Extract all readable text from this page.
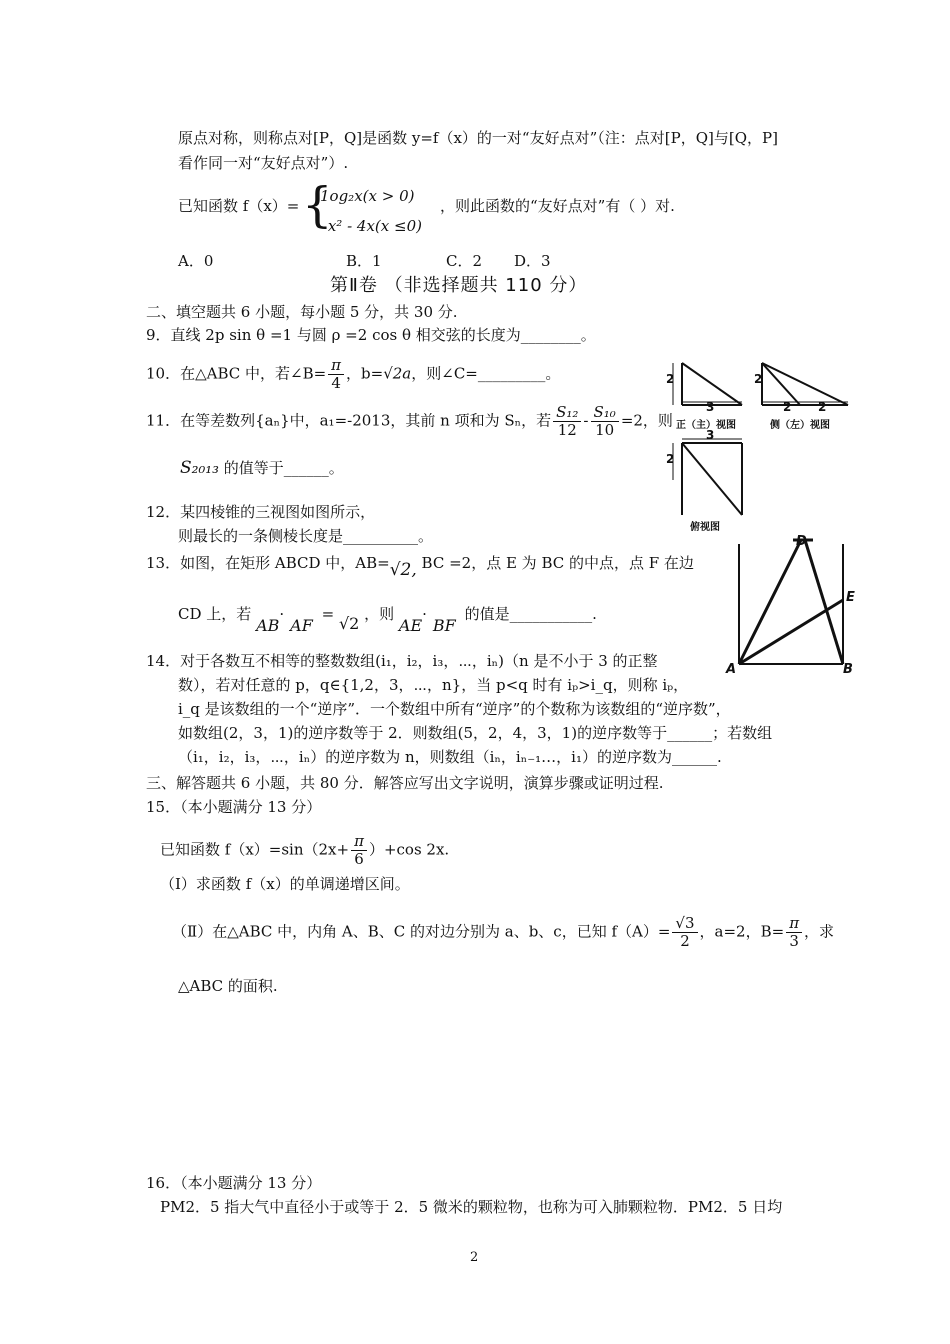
原点对称，则称点对[P，Q]是函数 y=f（x）的一对“友好点对”（注：点对[P，Q]与[Q，P]
看作同一对“友好点对”）.
已知函数 f（x）= {
1og₂x(x > 0)
- x² - 4x(x ≤0)
，则此函数的“友好点对”有（ ）对.
A．0	B．1	C．2 D．3
第Ⅱ卷 （非选择题共 110 分）
二、填空题共 6 小题，每小题 5 分，共 30 分.
9．直线 2p sin θ =1 与圆 ρ =2 cos θ 相交弦的长度为________。
10．在△ABC 中，若∠B= $\frac{\pi}{4}$ ，b=√2a，则∠C=_________。
11．在等差数列{aₙ}中，a₁=-2013，其前 n 项和为 Sₙ，若 $\frac{\text{S₁₂}}{12} - \frac{\text{S₁₀}}{10} =2$，则
S₂₀₁₃ 的值等于______。
12．某四棱锥的三视图如图所示，
则最长的一条侧棱长度是__________。
13．如图，在矩形 ABCD 中，AB=√2, BC =2，点 E 为 BC 的中点，点 F 在边
CD 上，若 AB·AF = √2 ，则 AE·BF 的值是___________.
14．对于各数互不相等的整数数组(i₁，i₂，i₃，⋯，iₙ)（n 是不小于 3 的正整
数），若对任意的 p，q∈{1,2，3，⋯，n}，当 p<q 时有 iₚ>i_q，则称 iₚ，
i_q 是该数组的一个“逆序”．一个数组中所有“逆序”的个数称为该数组的“逆序数”，
如数组(2，3，1)的逆序数等于 2．则数组(5，2，4，3，1)的逆序数等于______；若数组
（i₁，i₂，i₃，⋯，iₙ）的逆序数为 n，则数组（iₙ，iₙ₋₁…，i₁）的逆序数为______.
三、解答题共 6 小题，共 80 分．解答应写出文字说明，演算步骤或证明过程.
15．（本小题满分 13 分）
已知函数 $f(x)=\sin(2x+ \frac{\pi}{6} )+\cos$ 2x.
（Ⅰ）求函数 f（x）的单调递增区间。
（Ⅱ）在△ABC 中，内角 A、B、C 的对边分别为 a、b、c，已知 $f(A)= \frac{√3}{2}$ ，a=2，$B= \frac{\pi}{3}$ ，求
△ABC 的面积.
16．（本小题满分 13 分）
PM2．5 指大气中直径小于或等于 2．5 微米的颗粒物，也称为可入肺颗粒物．PM2．5 日均
2
2
3
2
2 2
正（主）视图	侧（左）视图
3
2
俯视图
A	B
D
E
